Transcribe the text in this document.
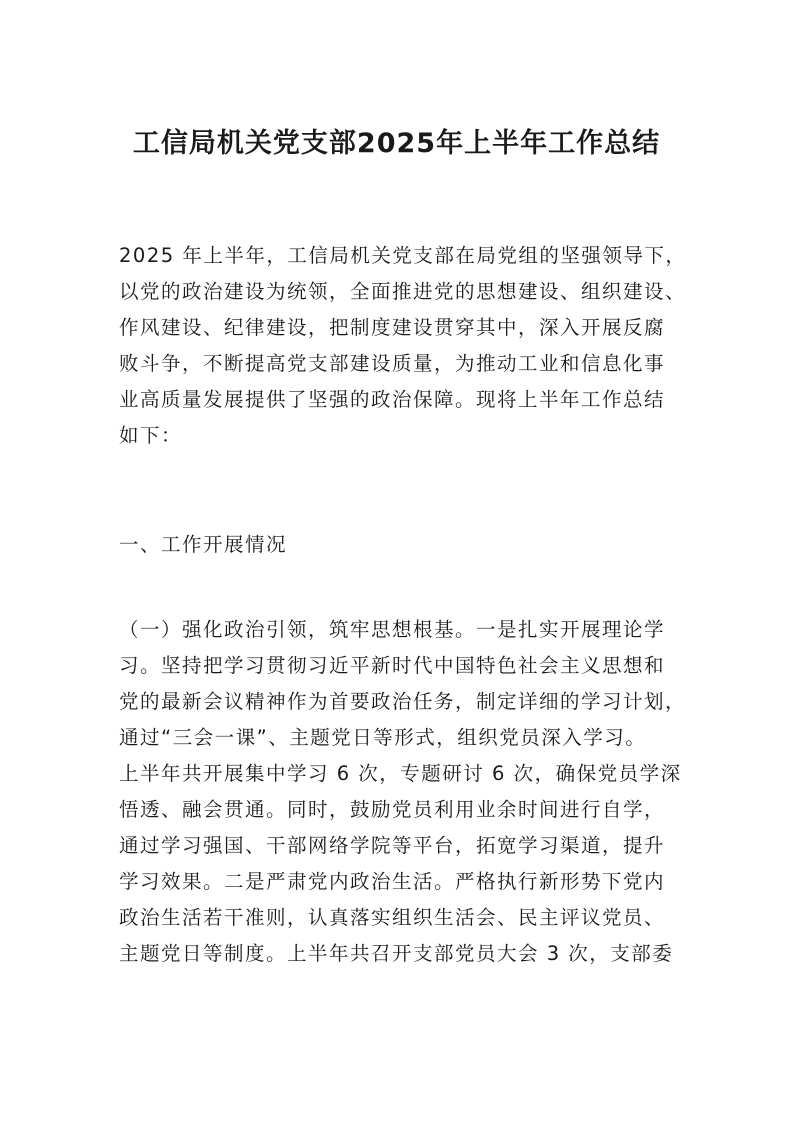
工信局机关党支部2025年上半年工作总结
2025 年上半年，工信局机关党支部在局党组的坚强领导下，
以党的政治建设为统领，全面推进党的思想建设、组织建设、
作风建设、纪律建设，把制度建设贯穿其中，深入开展反腐
败斗争，不断提高党支部建设质量，为推动工业和信息化事
业高质量发展提供了坚强的政治保障。现将上半年工作总结
如下：
一、工作开展情况
（一）强化政治引领，筑牢思想根基。一是扎实开展理论学
习。坚持把学习贯彻习近平新时代中国特色社会主义思想和
党的最新会议精神作为首要政治任务，制定详细的学习计划，
通过“三会一课”、主题党日等形式，组织党员深入学习。
上半年共开展集中学习 6 次，专题研讨 6 次，确保党员学深
悟透、融会贯通。同时，鼓励党员利用业余时间进行自学，
通过学习强国、干部网络学院等平台，拓宽学习渠道，提升
学习效果。二是严肃党内政治生活。严格执行新形势下党内
政治生活若干准则，认真落实组织生活会、民主评议党员、
主题党日等制度。上半年共召开支部党员大会 3 次，支部委
